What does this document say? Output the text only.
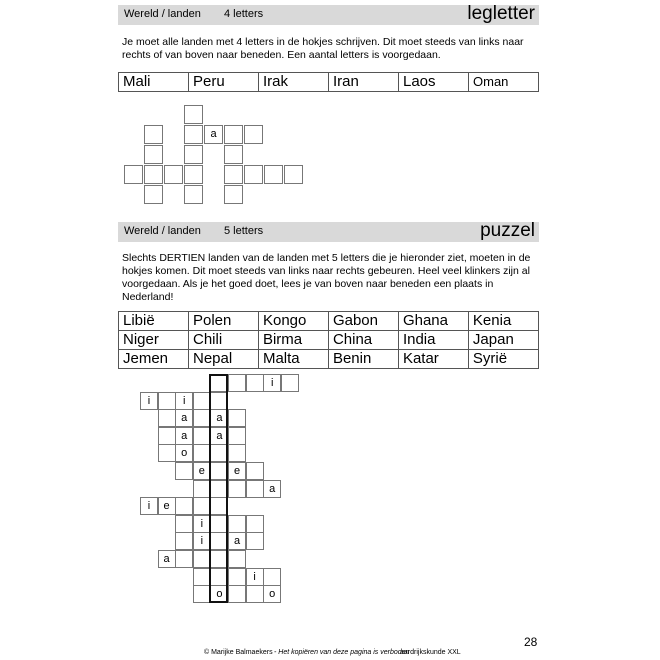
Wereld / landen 4 letters	legletter
Je moet alle landen met 4 letters in de hokjes schrijven. Dit moet steeds van links naar rechts of van boven naar beneden. Een aantal letters is voorgedaan.
Mali	Peru	Irak	Iran	Laos	Oman
a
Wereld / landen 5 letters	puzzel
Slechts DERTIEN landen van de landen met 5 letters die je hieronder ziet, moeten in de hokjes komen. Dit moet steeds van links naar rechts gebeuren. Heel veel klinkers zijn al voorgedaan. Als je het goed doet, lees je van boven naar beneden een plaats in Nederland!
Libië	Polen	Kongo	Gabon	Ghana	Kenia
Niger	Chili	Birma	China	India	Japan
Jemen	Nepal	Malta	Benin	Katar	Syrië
i
i	i
a	a
a	a
o
e	e
a
i	e
i
i	a
a
i
o	o
© Marijke Balmaekers - Het kopiëren van deze pagina is verboden
aardrijkskunde XXL
28
